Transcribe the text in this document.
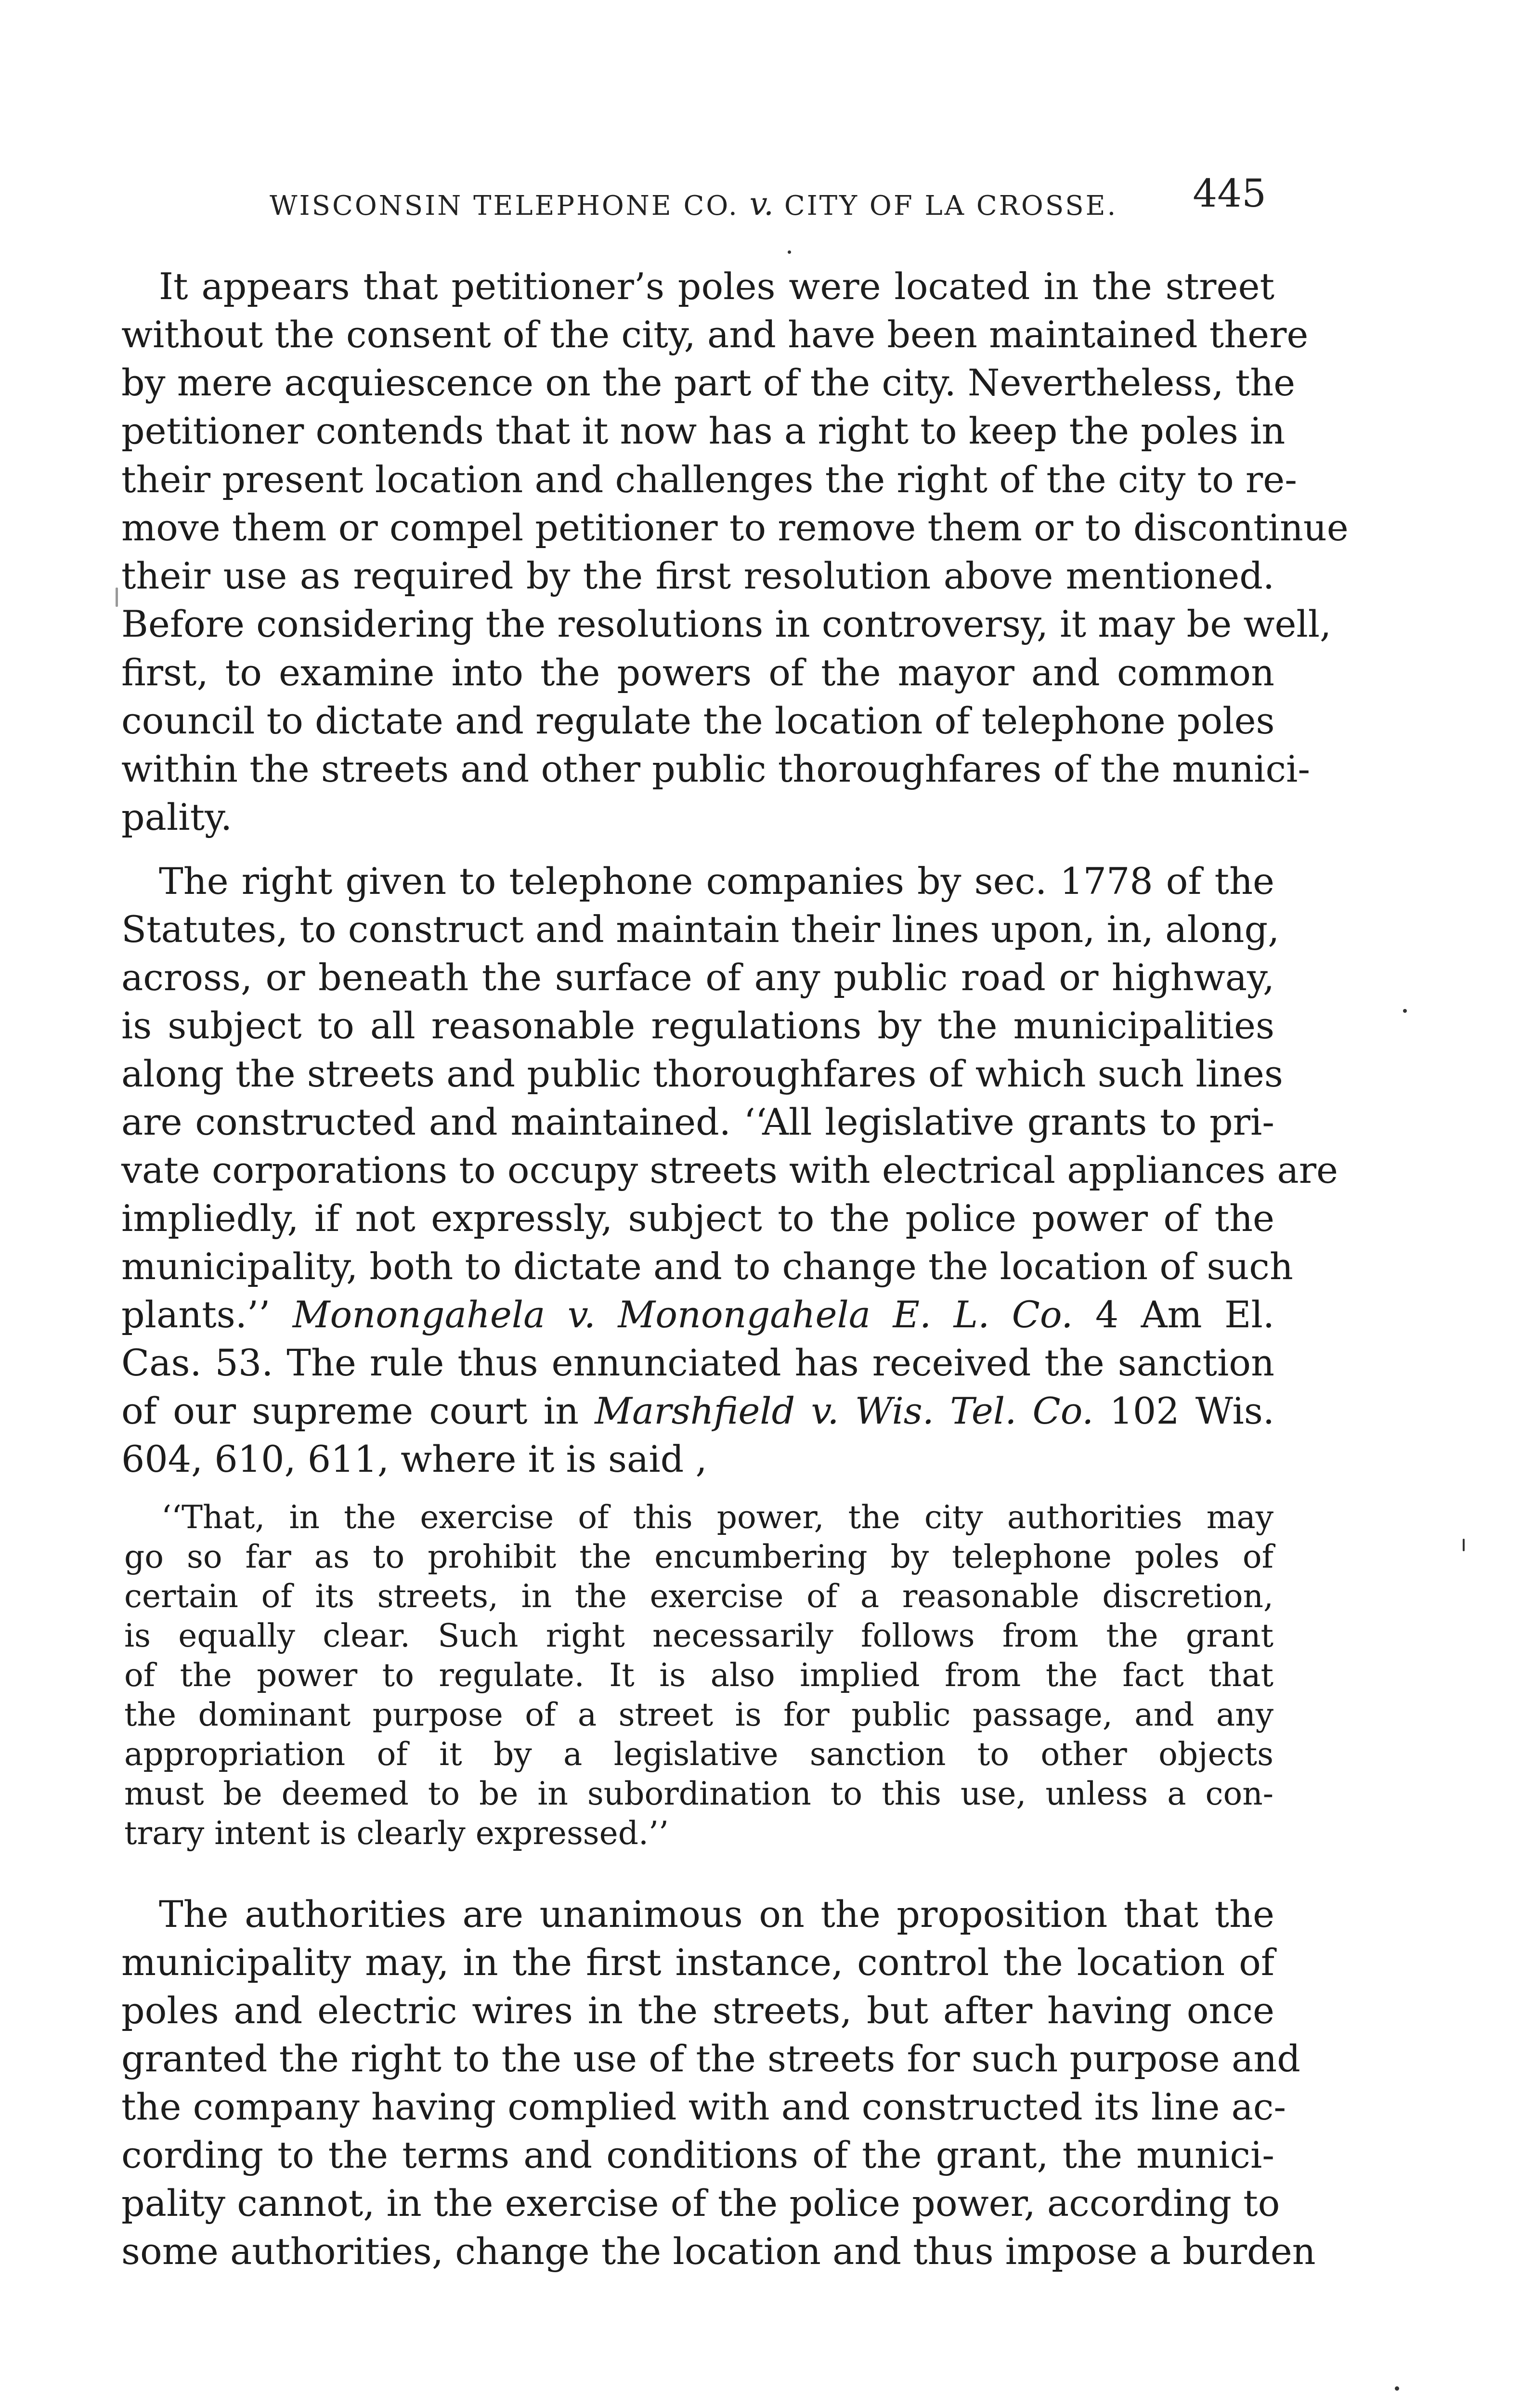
WISCONSIN TELEPHONE CO. v. CITY OF LA CROSSE. 445
It appears that petitioner’s poles were located in the street
without the consent of the city, and have been maintained there
by mere acquiescence on the part of the city. Nevertheless, the
petitioner contends that it now has a right to keep the poles in
their present location and challenges the right of the city to re-
move them or compel petitioner to remove them or to discontinue
their use as required by the first resolution above mentioned.
Before considering the resolutions in controversy, it may be well,
first, to examine into the powers of the mayor and common
council to dictate and regulate the location of telephone poles
within the streets and other public thoroughfares of the munici-
pality.
The right given to telephone companies by sec. 1778 of the
Statutes, to construct and maintain their lines upon, in, along,
across, or beneath the surface of any public road or highway,
is subject to all reasonable regulations by the municipalities
along the streets and public thoroughfares of which such lines
are constructed and maintained. ‘‘All legislative grants to pri-
vate corporations to occupy streets with electrical appliances are
impliedly, if not expressly, subject to the police power of the
municipality, both to dictate and to change the location of such
plants.’’ Monongahela v. Monongahela E. L. Co. 4 Am El.
Cas. 53. The rule thus ennunciated has received the sanction
of our supreme court in Marshfield v. Wis. Tel. Co. 102 Wis.
604, 610, 611, where it is said ,
‘‘That, in the exercise of this power, the city authorities may
go so far as to prohibit the encumbering by telephone poles of
certain of its streets, in the exercise of a reasonable discretion,
is equally clear. Such right necessarily follows from the grant
of the power to regulate. It is also implied from the fact that
the dominant purpose of a street is for public passage, and any
appropriation of it by a legislative sanction to other objects
must be deemed to be in subordination to this use, unless a con-
trary intent is clearly expressed.’’
The authorities are unanimous on the proposition that the
municipality may, in the first instance, control the location of
poles and electric wires in the streets, but after having once
granted the right to the use of the streets for such purpose and
the company having complied with and constructed its line ac-
cording to the terms and conditions of the grant, the munici-
pality cannot, in the exercise of the police power, according to
some authorities, change the location and thus impose a burden
